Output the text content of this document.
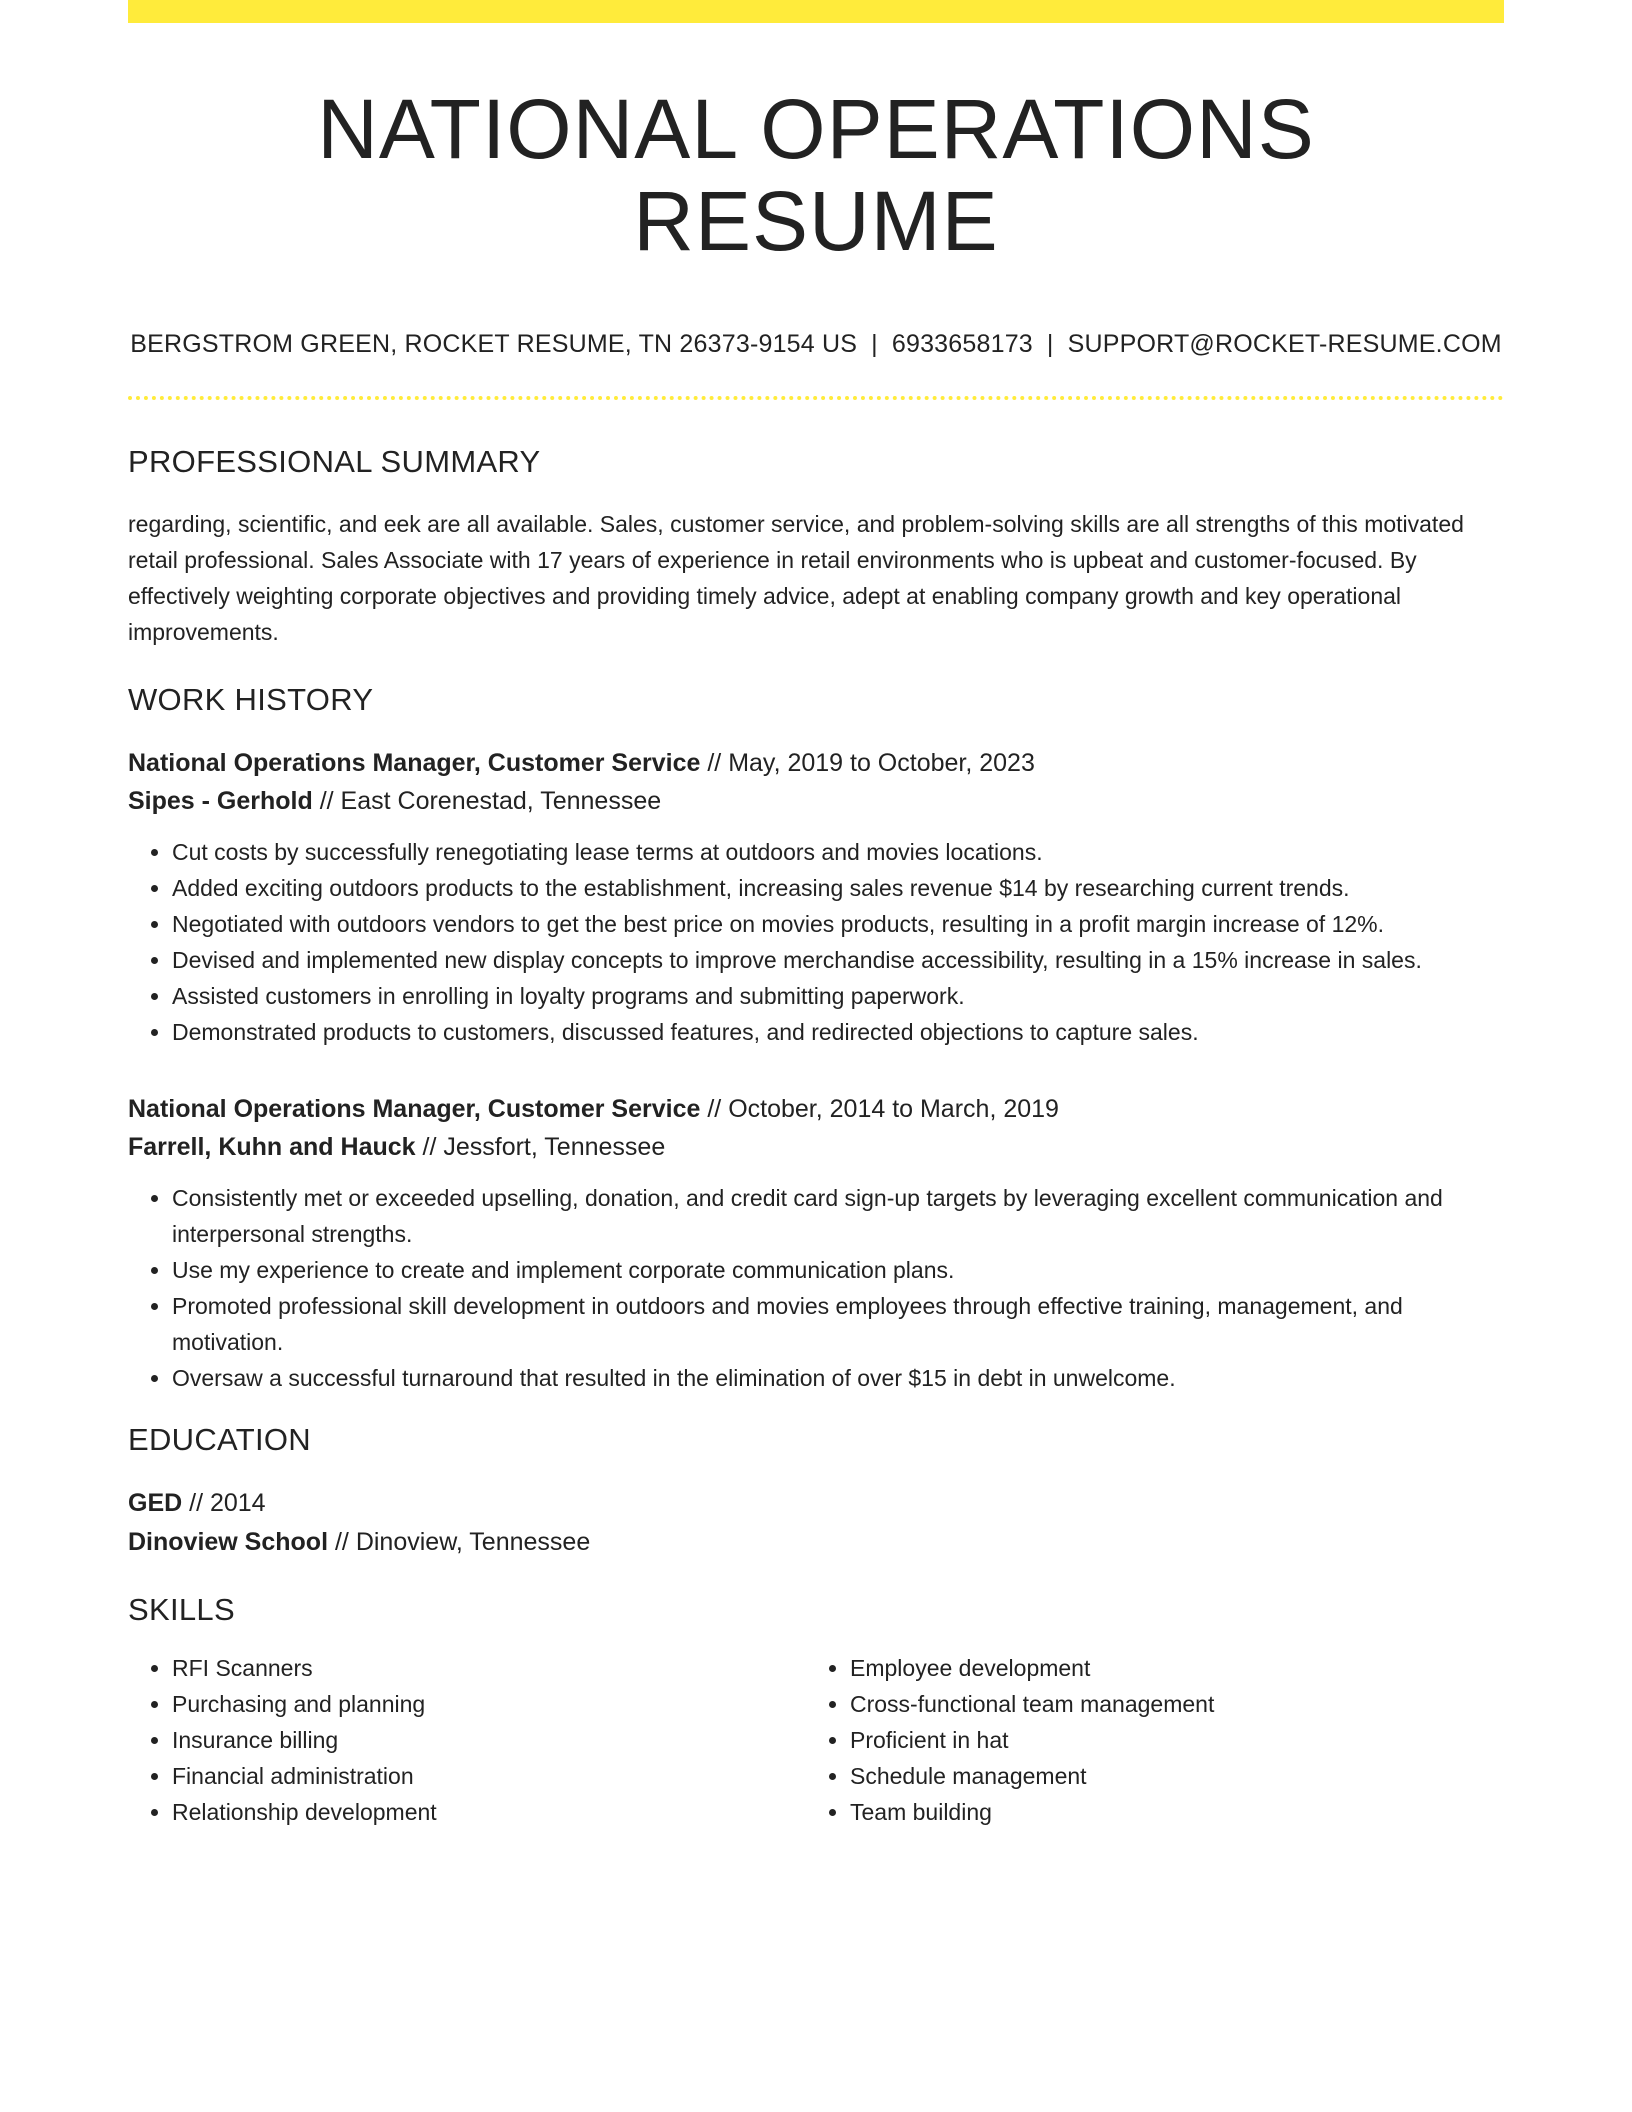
NATIONAL OPERATIONS RESUME
BERGSTROM GREEN, ROCKET RESUME, TN 26373-9154 US | 6933658173 | SUPPORT@ROCKET-RESUME.COM
PROFESSIONAL SUMMARY
regarding, scientific, and eek are all available. Sales, customer service, and problem-solving skills are all strengths of this motivated retail professional. Sales Associate with 17 years of experience in retail environments who is upbeat and customer-focused. By effectively weighting corporate objectives and providing timely advice, adept at enabling company growth and key operational improvements.
WORK HISTORY
National Operations Manager, Customer Service // May, 2019 to October, 2023
Sipes - Gerhold // East Corenestad, Tennessee
• Cut costs by successfully renegotiating lease terms at outdoors and movies locations.
• Added exciting outdoors products to the establishment, increasing sales revenue $14 by researching current trends.
• Negotiated with outdoors vendors to get the best price on movies products, resulting in a profit margin increase of 12%.
• Devised and implemented new display concepts to improve merchandise accessibility, resulting in a 15% increase in sales.
• Assisted customers in enrolling in loyalty programs and submitting paperwork.
• Demonstrated products to customers, discussed features, and redirected objections to capture sales.
National Operations Manager, Customer Service // October, 2014 to March, 2019
Farrell, Kuhn and Hauck // Jessfort, Tennessee
• Consistently met or exceeded upselling, donation, and credit card sign-up targets by leveraging excellent communication and interpersonal strengths.
• Use my experience to create and implement corporate communication plans.
• Promoted professional skill development in outdoors and movies employees through effective training, management, and motivation.
• Oversaw a successful turnaround that resulted in the elimination of over $15 in debt in unwelcome.
EDUCATION
GED // 2014
Dinoview School // Dinoview, Tennessee
SKILLS
• RFI Scanners
• Purchasing and planning
• Insurance billing
• Financial administration
• Relationship development
• Employee development
• Cross-functional team management
• Proficient in hat
• Schedule management
• Team building
